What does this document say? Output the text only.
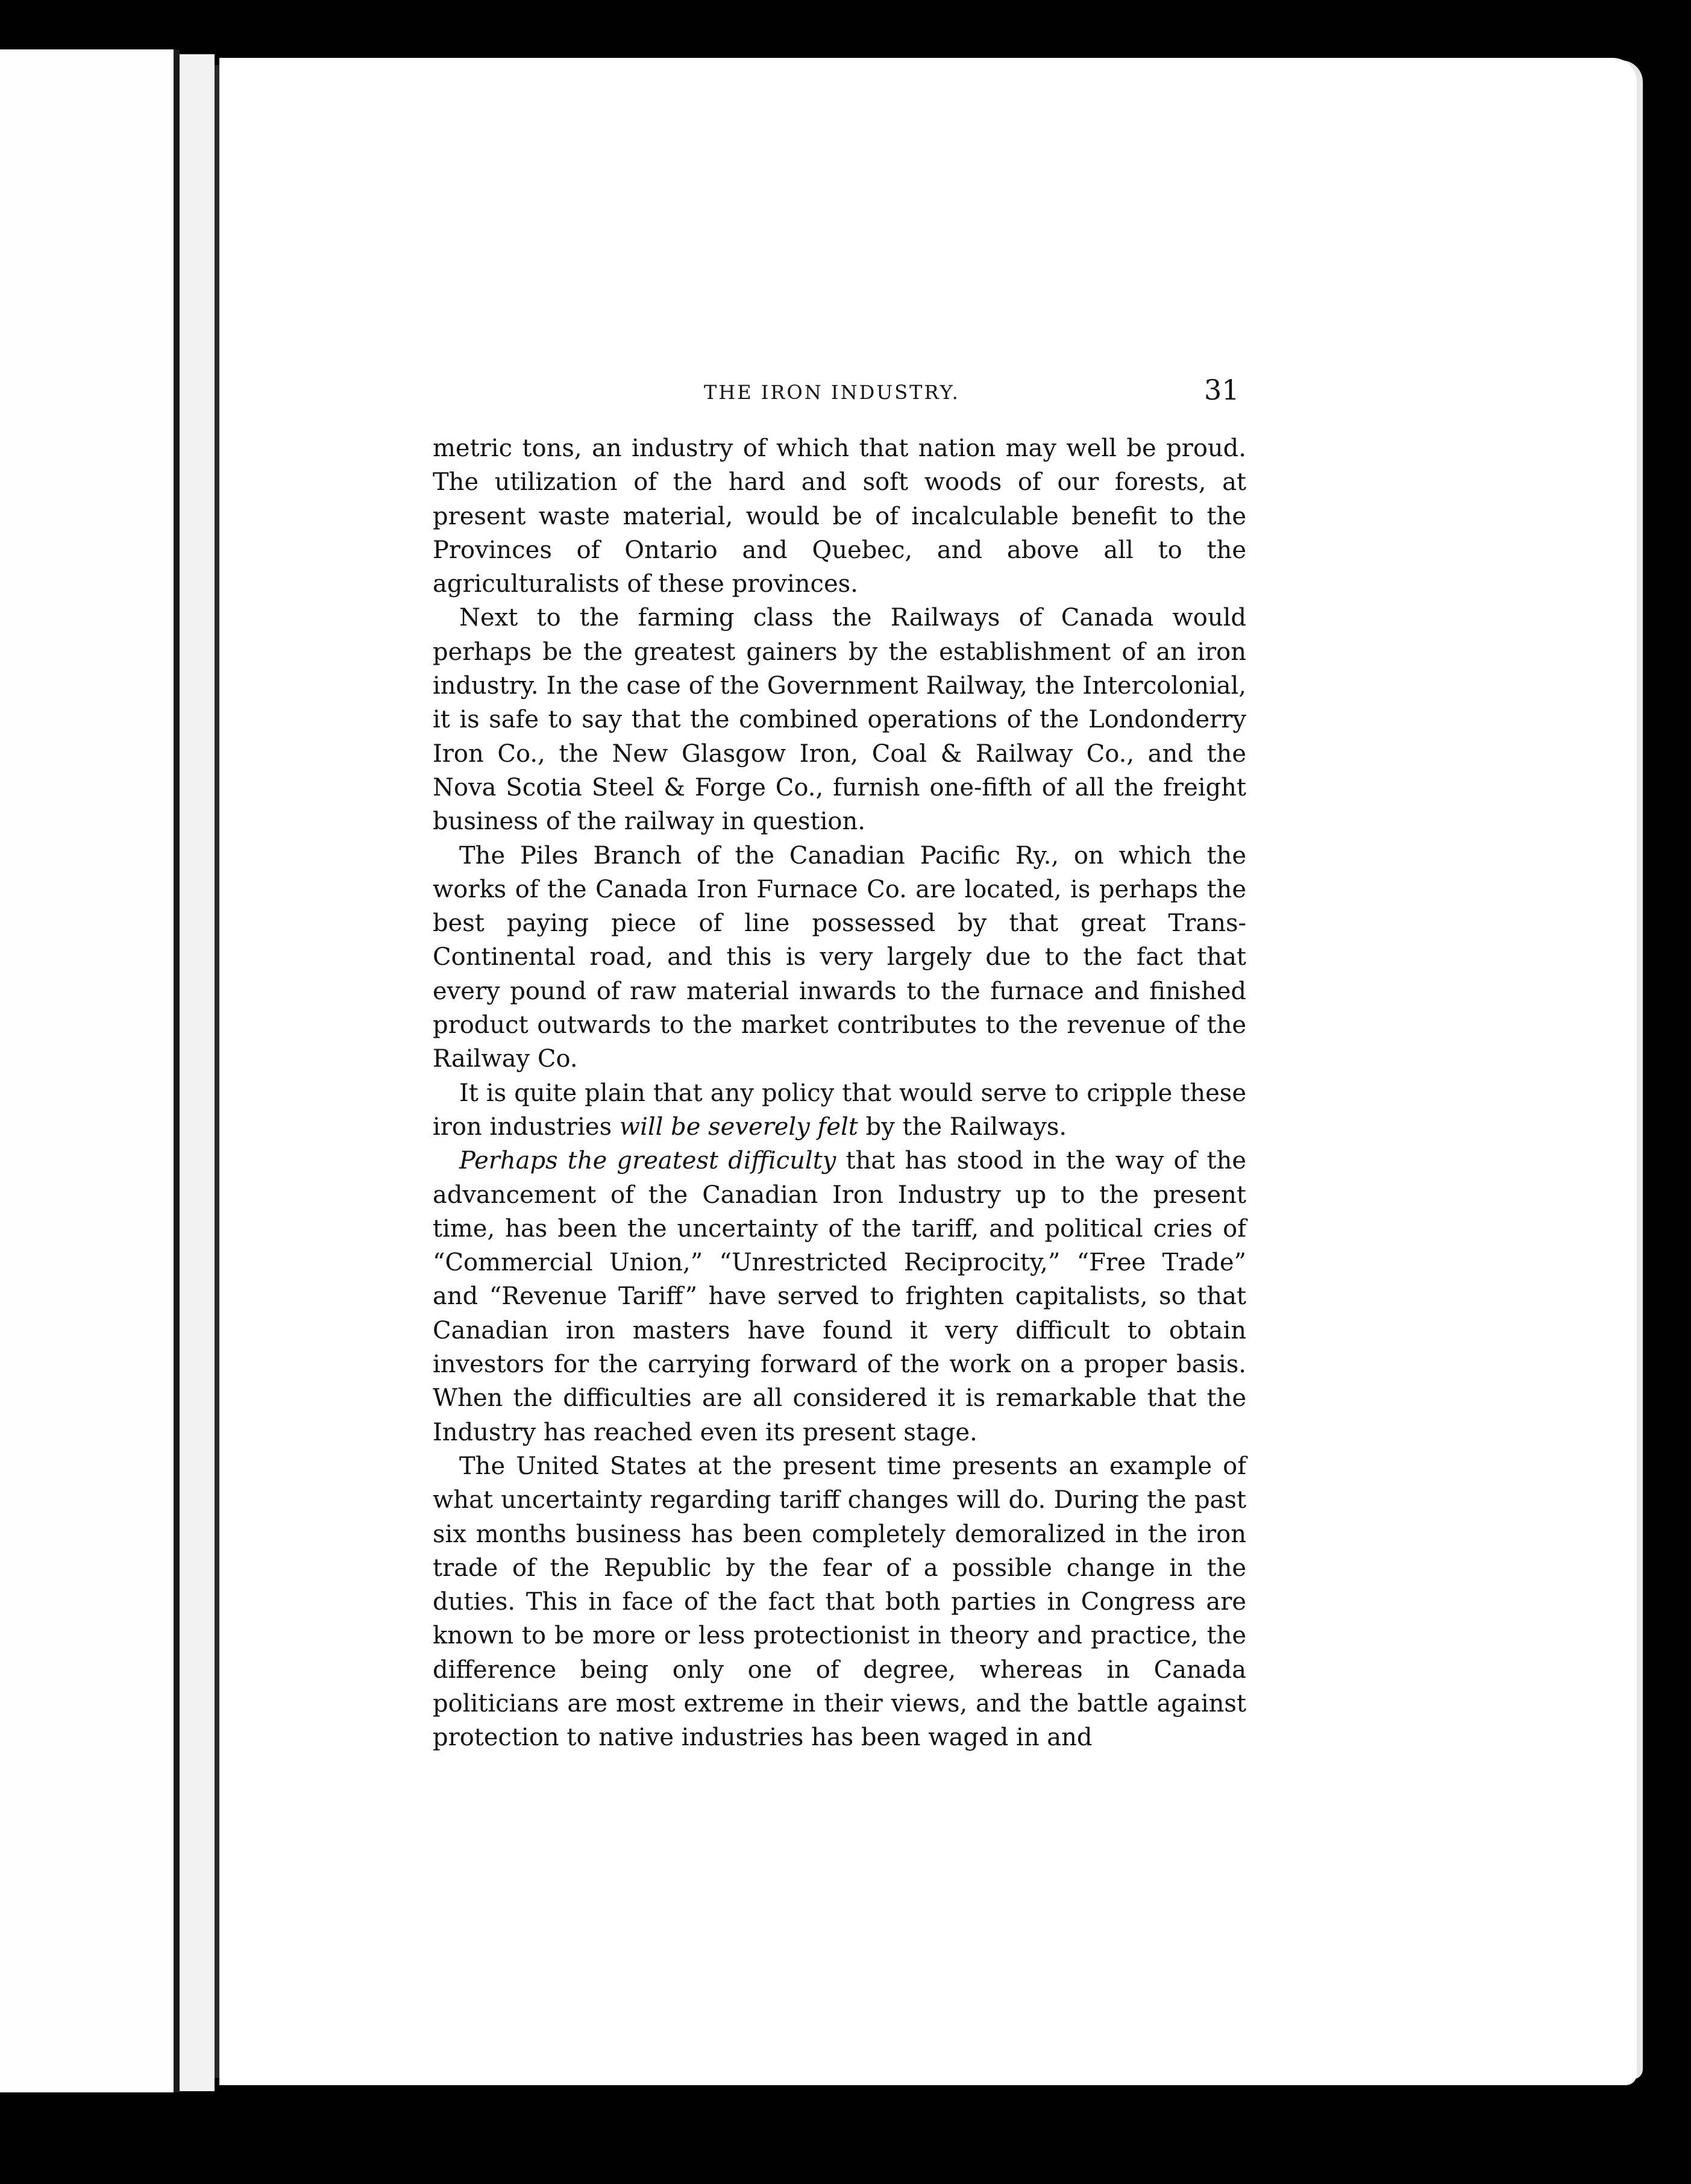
THE IRON INDUSTRY.	31

metric tons, an industry of which that nation may well be proud. The utilization of the hard and soft woods of our forests, at present waste material, would be of incalculable benefit to the Provinces of Ontario and Quebec, and above all to the agriculturalists of these provinces.

Next to the farming class the Railways of Canada would perhaps be the greatest gainers by the establishment of an iron industry. In the case of the Government Railway, the Intercolonial, it is safe to say that the combined operations of the Londonderry Iron Co., the New Glasgow Iron, Coal & Railway Co., and the Nova Scotia Steel & Forge Co., furnish one-fifth of all the freight business of the railway in question.

The Piles Branch of the Canadian Pacific Ry., on which the works of the Canada Iron Furnace Co. are located, is perhaps the best paying piece of line possessed by that great Trans-Continental road, and this is very largely due to the fact that every pound of raw material inwards to the furnace and finished product outwards to the market contributes to the revenue of the Railway Co.

It is quite plain that any policy that would serve to cripple these iron industries will be severely felt by the Railways.

Perhaps the greatest difficulty that has stood in the way of the advancement of the Canadian Iron Industry up to the present time, has been the uncertainty of the tariff, and political cries of “Commercial Union,” “Unrestricted Reciprocity,” “Free Trade” and “Revenue Tariff” have served to frighten capitalists, so that Canadian iron masters have found it very difficult to obtain investors for the carrying forward of the work on a proper basis. When the difficulties are all considered it is remarkable that the Industry has reached even its present stage.

The United States at the present time presents an example of what uncertainty regarding tariff changes will do. During the past six months business has been completely demoralized in the iron trade of the Republic by the fear of a possible change in the duties. This in face of the fact that both parties in Congress are known to be more or less protectionist in theory and practice, the difference being only one of degree, whereas in Canada politicians are most extreme in their views, and the battle against protection to native industries has been waged in and
